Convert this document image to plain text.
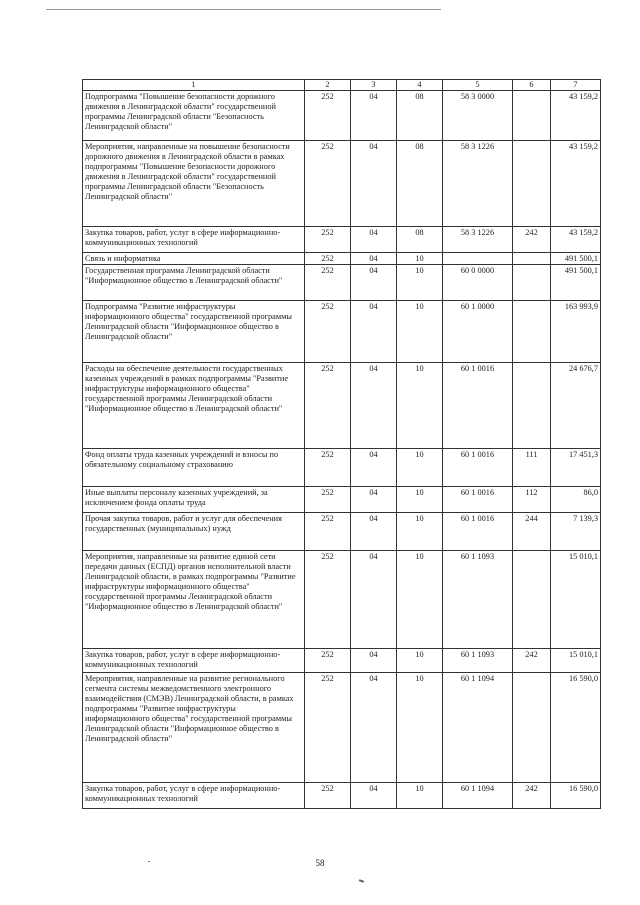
1	2	3	4	5	6	7
Подпрограмма "Повышение безопасности дорожного движения в Ленинградской области" государственной программы Ленинградской области "Безопасность Ленинградской области"	252	04	08	58 3 0000		43 159,2
Мероприятия, направленные на повышение безопасности дорожного движения в Ленинградской области в рамках подпрограммы "Повышение безопасности дорожного движения в Ленинградской области" государственной программы Ленинградской области "Безопасность Ленинградской области"	252	04	08	58 3 1226		43 159,2
Закупка товаров, работ, услуг в сфере информационно-коммуникационных технологий	252	04	08	58 3 1226	242	43 159,2
Связь и информатика	252	04	10			491 500,1
Государственная программа Ленинградской области "Информационное общество в Ленинградской области"	252	04	10	60 0 0000		491 500,1
Подпрограмма "Развитие инфраструктуры информационного общества" государственной программы Ленинградской области "Информационное общество в Ленинградской области"	252	04	10	60 1 0000		163 993,9
Расходы на обеспечение деятельности государственных казенных учреждений в рамках подпрограммы "Развитие инфраструктуры информационного общества" государственной программы Ленинградской области "Информационное общество в Ленинградской области"	252	04	10	60 1 0016		24 676,7
Фонд оплаты труда казенных учреждений и взносы по обязательному социальному страхованию	252	04	10	60 1 0016	111	17 451,3
Иные выплаты персоналу казенных учреждений, за исключением фонда оплаты труда	252	04	10	60 1 0016	112	86,0
Прочая закупка товаров, работ и услуг для обеспечения государственных (муниципальных) нужд	252	04	10	60 1 0016	244	7 139,3
Мероприятия, направленные на развитие единой сети передачи данных (ЕСПД) органов исполнительной власти Ленинградской области, в рамках подпрограммы "Развитие инфраструктуры информационного общества" государственной программы Ленинградской области "Информационное общество в Ленинградской области"	252	04	10	60 1 1093		15 010,1
Закупка товаров, работ, услуг в сфере информационно-коммуникационных технологий	252	04	10	60 1 1093	242	15 010,1
Мероприятия, направленные на развитие регионального сегмента системы межведомственного электронного взаимодействия (СМЭВ) Ленинградской области, в рамках подпрограммы "Развитие инфраструктуры информационного общества" государственной программы Ленинградской области "Информационное общество в Ленинградской области"	252	04	10	60 1 1094		16 590,0
Закупка товаров, работ, услуг в сфере информационно-коммуникационных технологий	252	04	10	60 1 1094	242	16 590,0
58
